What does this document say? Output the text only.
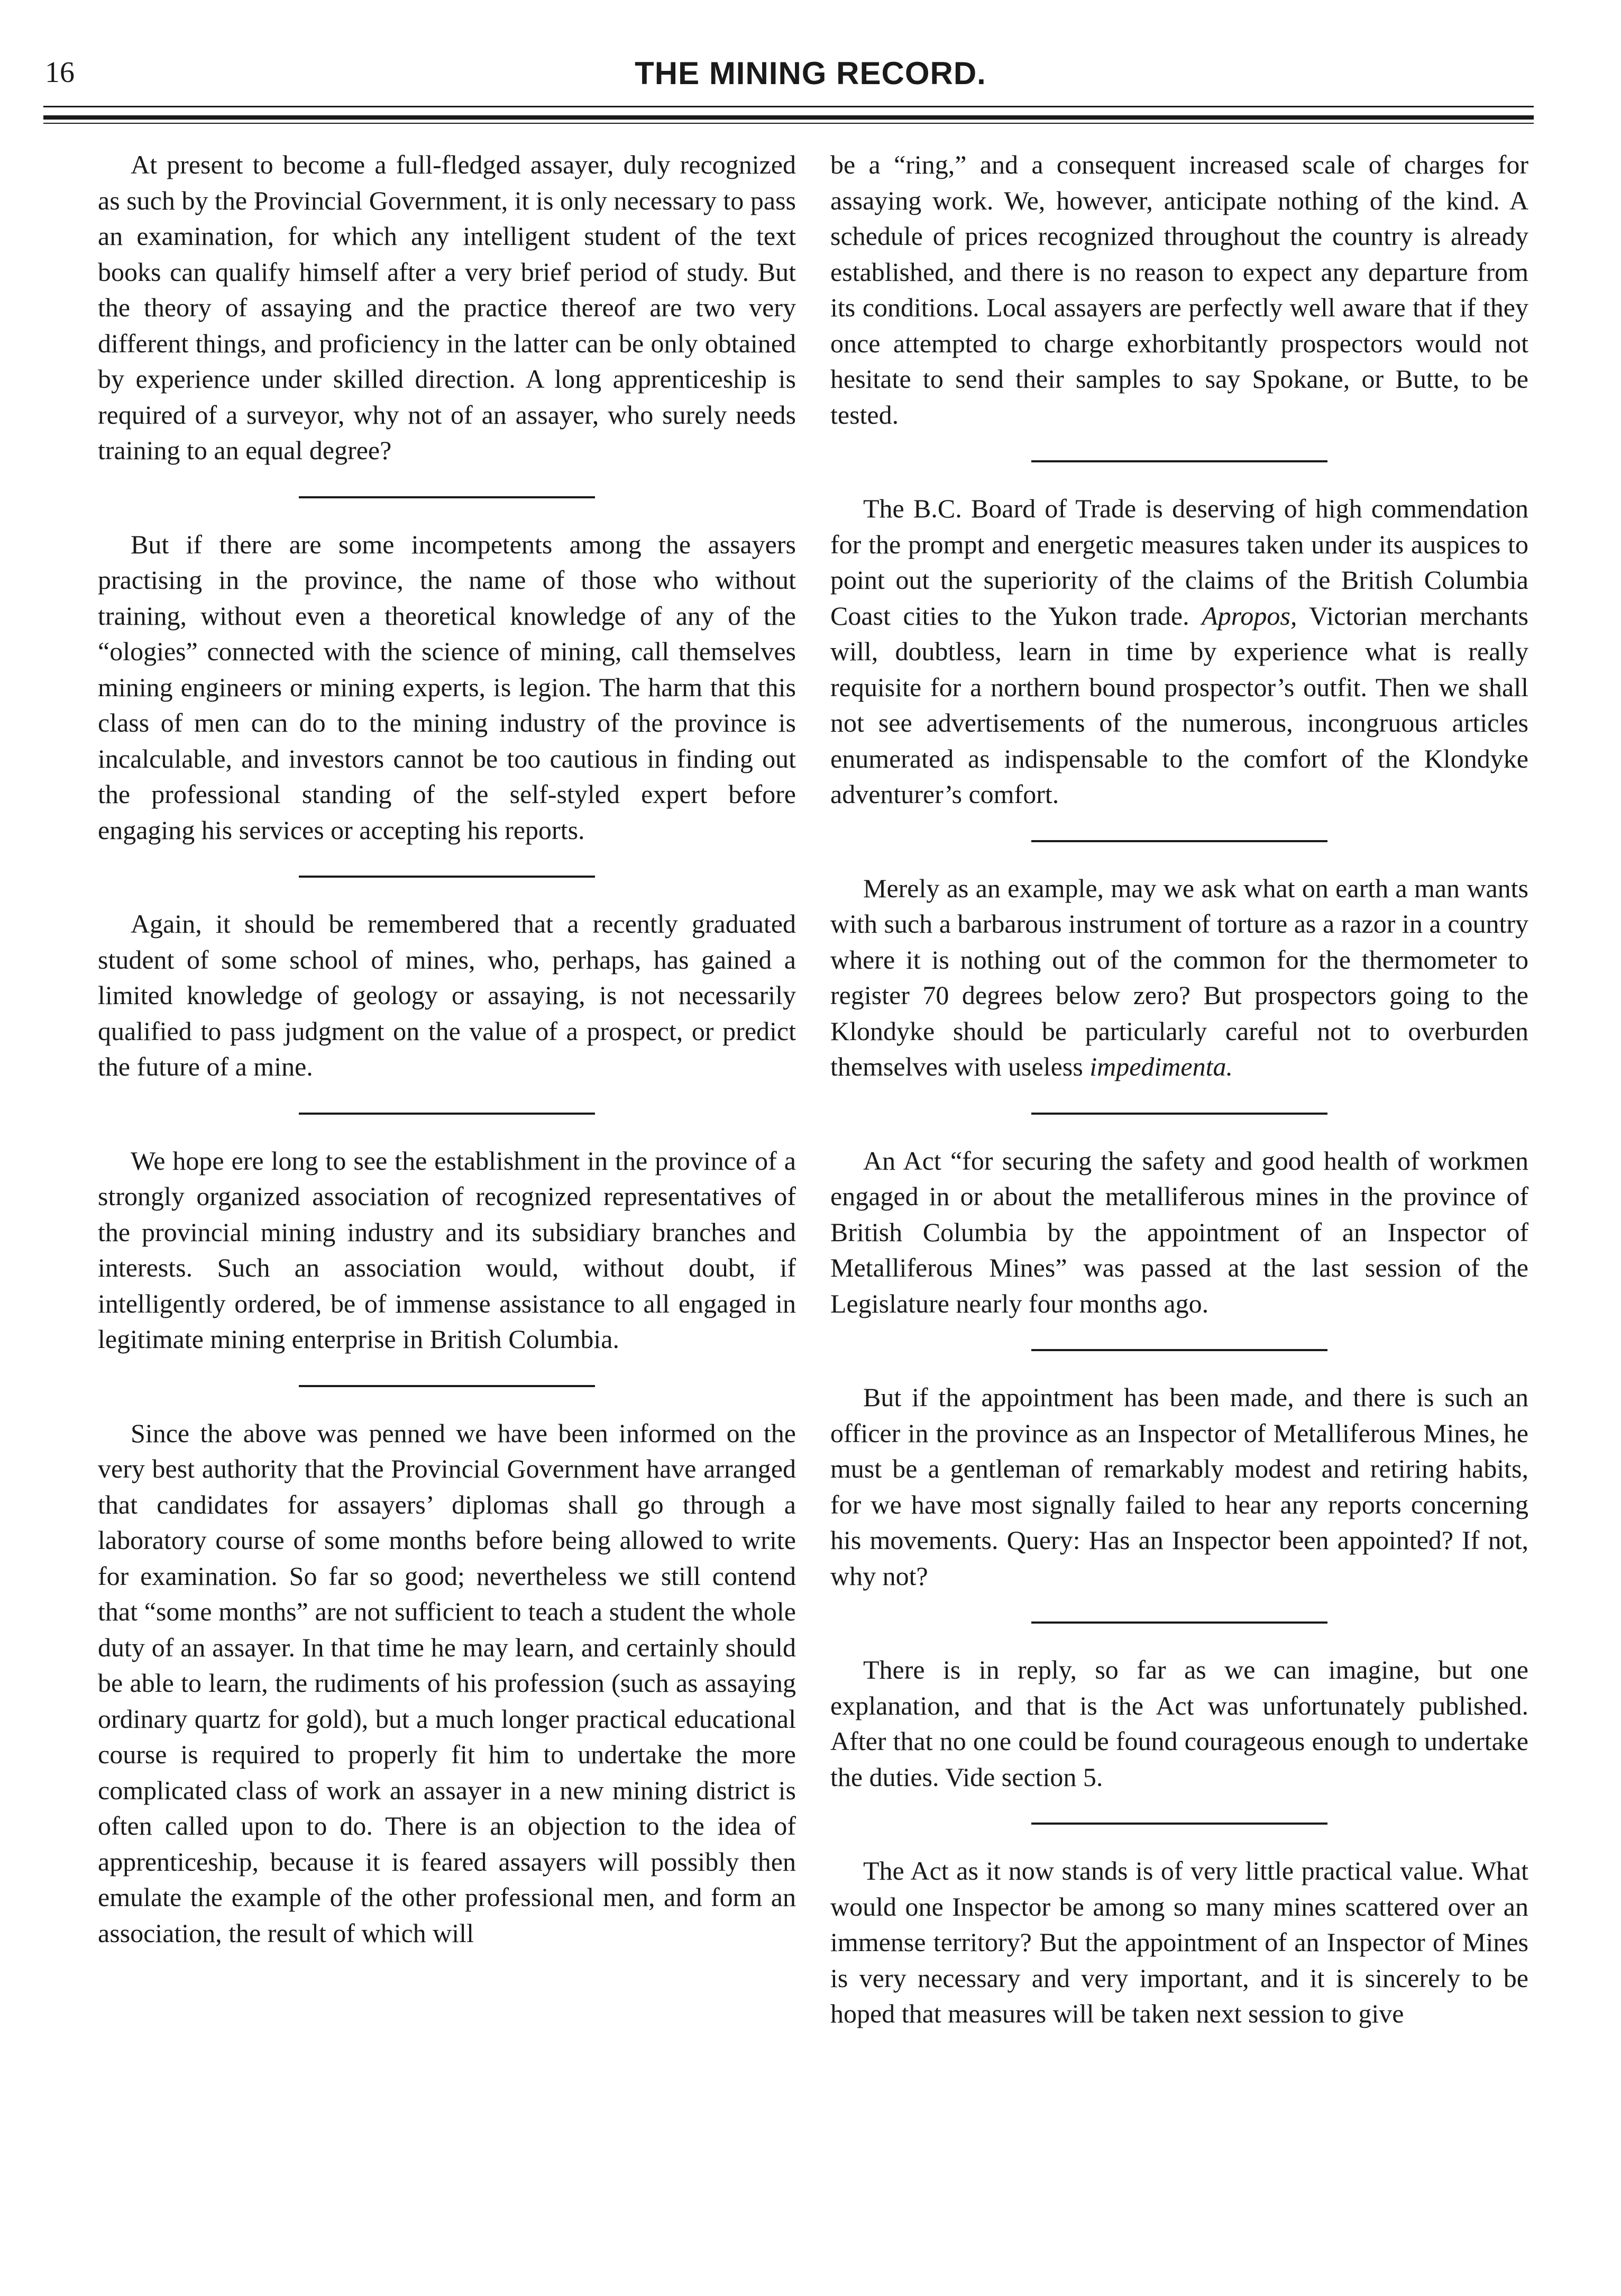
16	THE MINING RECORD.

At present to become a full-fledged assayer, duly recognized as such by the Provincial Government, it is only necessary to pass an examination, for which any intelligent student of the text books can qualify himself after a very brief period of study. But the theory of assaying and the practice thereof are two very different things, and proficiency in the latter can be only obtained by experience under skilled direction. A long apprenticeship is required of a surveyor, why not of an assayer, who surely needs training to an equal degree?

But if there are some incompetents among the assayers practising in the province, the name of those who without training, without even a theoretical knowledge of any of the “ologies” connected with the science of mining, call themselves mining engineers or mining experts, is legion. The harm that this class of men can do to the mining industry of the province is incalculable, and investors cannot be too cautious in finding out the professional standing of the self-styled expert before engaging his services or accepting his reports.

Again, it should be remembered that a recently graduated student of some school of mines, who, perhaps, has gained a limited knowledge of geology or assaying, is not necessarily qualified to pass judgment on the value of a prospect, or predict the future of a mine.

We hope ere long to see the establishment in the province of a strongly organized association of recognized representatives of the provincial mining industry and its subsidiary branches and interests. Such an association would, without doubt, if intelligently ordered, be of immense assistance to all engaged in legitimate mining enterprise in British Columbia.

Since the above was penned we have been informed on the very best authority that the Provincial Government have arranged that candidates for assayers’ diplomas shall go through a laboratory course of some months before being allowed to write for examination. So far so good; nevertheless we still contend that “some months” are not sufficient to teach a student the whole duty of an assayer. In that time he may learn, and certainly should be able to learn, the rudiments of his profession (such as assaying ordinary quartz for gold), but a much longer practical educational course is required to properly fit him to undertake the more complicated class of work an assayer in a new mining district is often called upon to do. There is an objection to the idea of apprenticeship, because it is feared assayers will possibly then emulate the example of the other professional men, and form an association, the result of which will

be a “ring,” and a consequent increased scale of charges for assaying work. We, however, anticipate nothing of the kind. A schedule of prices recognized throughout the country is already established, and there is no reason to expect any departure from its conditions. Local assayers are perfectly well aware that if they once attempted to charge exhorbitantly prospectors would not hesitate to send their samples to say Spokane, or Butte, to be tested.

The B.C. Board of Trade is deserving of high commendation for the prompt and energetic measures taken under its auspices to point out the superiority of the claims of the British Columbia Coast cities to the Yukon trade. Apropos, Victorian merchants will, doubtless, learn in time by experience what is really requisite for a northern bound prospector’s outfit. Then we shall not see advertisements of the numerous, incongruous articles enumerated as indispensable to the comfort of the Klondyke adventurer’s comfort.

Merely as an example, may we ask what on earth a man wants with such a barbarous instrument of torture as a razor in a country where it is nothing out of the common for the thermometer to register 70 degrees below zero? But prospectors going to the Klondyke should be particularly careful not to overburden themselves with useless impedimenta.

An Act “for securing the safety and good health of workmen engaged in or about the metalliferous mines in the province of British Columbia by the appointment of an Inspector of Metalliferous Mines” was passed at the last session of the Legislature nearly four months ago.

But if the appointment has been made, and there is such an officer in the province as an Inspector of Metalliferous Mines, he must be a gentleman of remarkably modest and retiring habits, for we have most signally failed to hear any reports concerning his movements. Query: Has an Inspector been appointed? If not, why not?

There is in reply, so far as we can imagine, but one explanation, and that is the Act was unfortunately published. After that no one could be found courageous enough to undertake the duties. Vide section 5.

The Act as it now stands is of very little practical value. What would one Inspector be among so many mines scattered over an immense territory? But the appointment of an Inspector of Mines is very necessary and very important, and it is sincerely to be hoped that measures will be taken next session to give
